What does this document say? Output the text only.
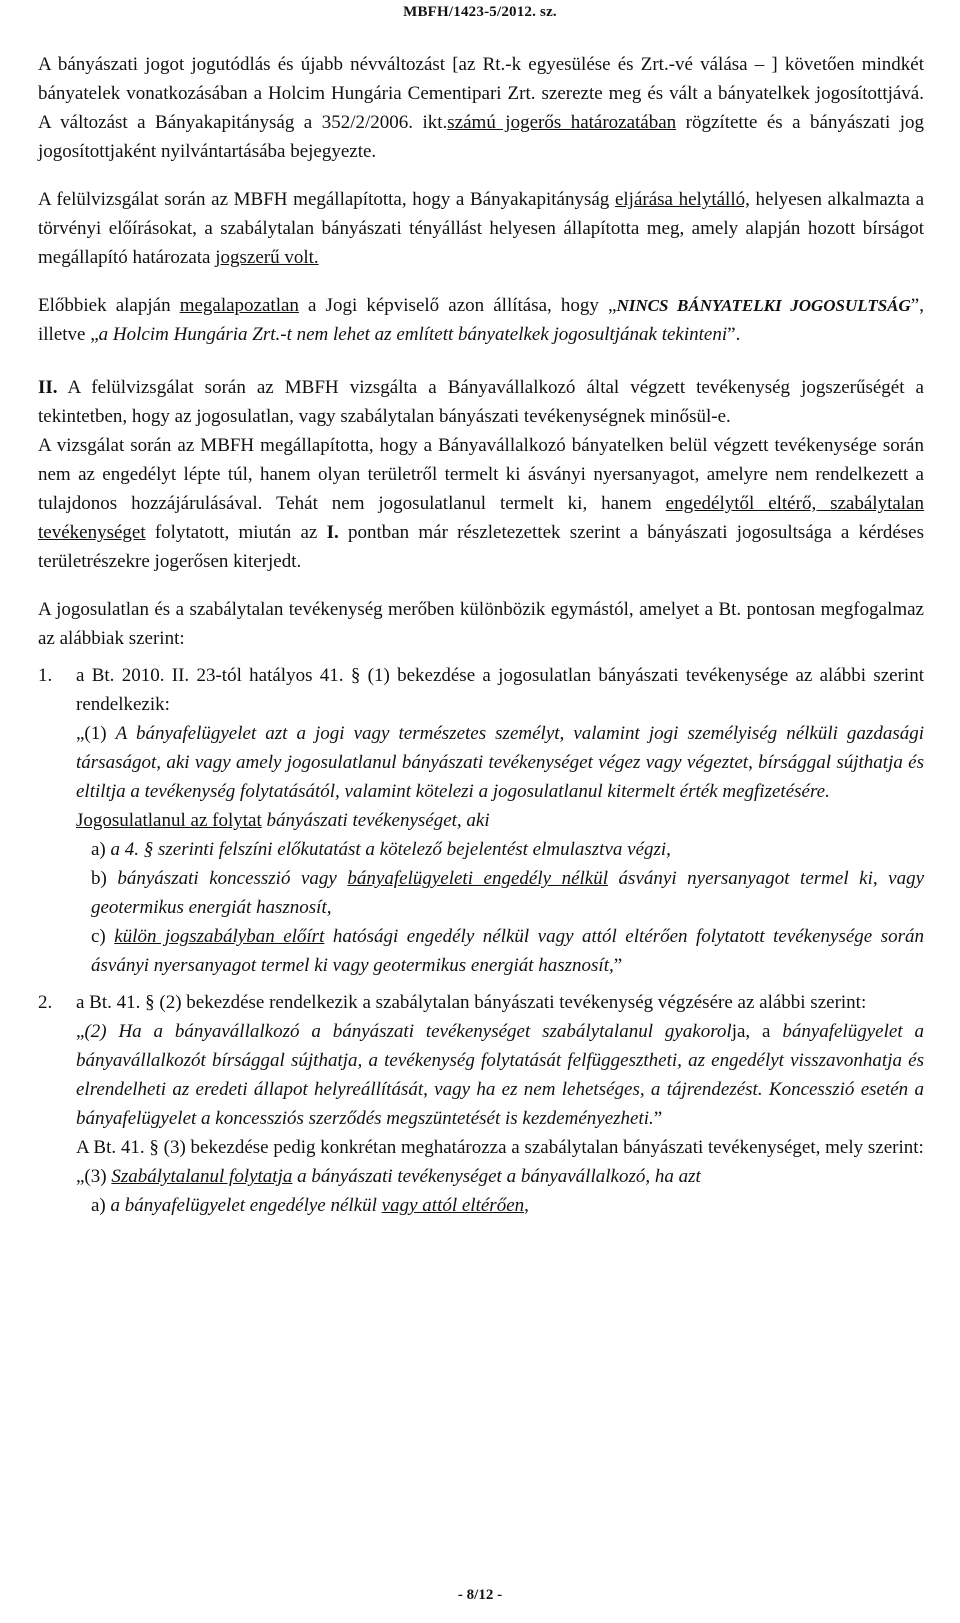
MBFH/1423-5/2012. sz.

A bányászati jogot jogutódlás és újabb névváltozást [az Rt.-k egyesülése és Zrt.-vé válása – ] követően mindkét bányatelek vonatkozásában a Holcim Hungária Cementipari Zrt. szerezte meg és vált a bányatelkek jogosítottjává. A változást a Bányakapitányság a 352/2/2006. ikt.számú jogerős határozatában rögzítette és a bányászati jog jogosítottjaként nyilvántartásába bejegyezte.

A felülvizsgálat során az MBFH megállapította, hogy a Bányakapitányság eljárása helytálló, helyesen alkalmazta a törvényi előírásokat, a szabálytalan bányászati tényállást helyesen állapította meg, amely alapján hozott bírságot megállapító határozata jogszerű volt.

Előbbiek alapján megalapozatlan a Jogi képviselő azon állítása, hogy „NINCS BÁNYATELKI JOGOSULTSÁG”, illetve „a Holcim Hungária Zrt.-t nem lehet az említett bányatelkek jogosultjának tekinteni”.

II. A felülvizsgálat során az MBFH vizsgálta a Bányavállalkozó által végzett tevékenység jogszerűségét a tekintetben, hogy az jogosulatlan, vagy szabálytalan bányászati tevékenységnek minősül-e.

A vizsgálat során az MBFH megállapította, hogy a Bányavállalkozó bányatelken belül végzett tevékenysége során nem az engedélyt lépte túl, hanem olyan területről termelt ki ásványi nyersanyagot, amelyre nem rendelkezett a tulajdonos hozzájárulásával. Tehát nem jogosulatlanul termelt ki, hanem engedélytől eltérő, szabálytalan tevékenységet folytatott, miután az I. pontban már részletezettek szerint a bányászati jogosultsága a kérdéses területrészekre jogerősen kiterjedt.

A jogosulatlan és a szabálytalan tevékenység merőben különbözik egymástól, amelyet a Bt. pontosan megfogalmaz az alábbiak szerint:

1. a Bt. 2010. II. 23-tól hatályos 41. § (1) bekezdése a jogosulatlan bányászati tevékenysége az alábbi szerint rendelkezik:

„(1) A bányafelügyelet azt a jogi vagy természetes személyt, valamint jogi személyiség nélküli gazdasági társaságot, aki vagy amely jogosulatlanul bányászati tevékenységet végez vagy végeztet, bírsággal sújthatja és eltiltja a tevékenység folytatásától, valamint kötelezi a jogosulatlanul kitermelt érték megfizetésére.

Jogosulatlanul az folytat bányászati tevékenységet, aki

a) a 4. § szerinti felszíni előkutatást a kötelező bejelentést elmulasztva végzi,

b) bányászati koncesszió vagy bányafelügyeleti engedély nélkül ásványi nyersanyagot termel ki, vagy geotermikus energiát hasznosít,

c) külön jogszabályban előírt hatósági engedély nélkül vagy attól eltérően folytatott tevékenysége során ásványi nyersanyagot termel ki vagy geotermikus energiát hasznosít,”

2. a Bt. 41. § (2) bekezdése rendelkezik a szabálytalan bányászati tevékenység végzésére az alábbi szerint:

„(2) Ha a bányavállalkozó a bányászati tevékenységet szabálytalanul gyakorolja, a bányafelügyelet a bányavállalkozót bírsággal sújthatja, a tevékenység folytatását felfüggesztheti, az engedélyt visszavonhatja és elrendelheti az eredeti állapot helyreállítását, vagy ha ez nem lehetséges, a tájrendezést. Koncesszió esetén a bányafelügyelet a koncessziós szerződés megszüntetését is kezdeményezheti.”

A Bt. 41. § (3) bekezdése pedig konkrétan meghatározza a szabálytalan bányászati tevékenységet, mely szerint:

„(3) Szabálytalanul folytatja a bányászati tevékenységet a bányavállalkozó, ha azt

a) a bányafelügyelet engedélye nélkül vagy attól eltérően,

- 8/12 -
